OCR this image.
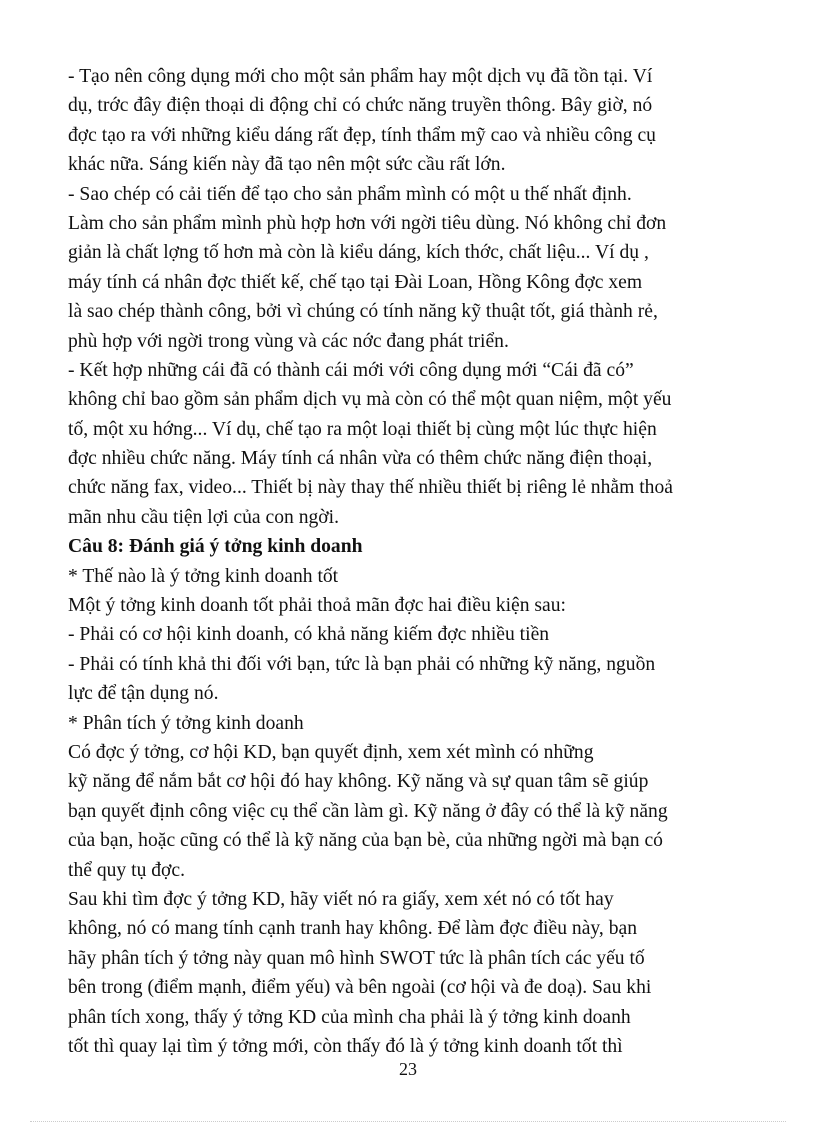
- Tạo nên công dụng mới cho một sản phẩm hay một dịch vụ đã tồn tại. Ví
dụ, trớc đây điện thoại di động chỉ có chức năng truyền thông. Bây giờ, nó
đợc tạo ra với những kiểu dáng rất đẹp, tính thẩm mỹ cao và nhiều công cụ
khác nữa. Sáng kiến này đã tạo nên một sức cầu rất lớn.
- Sao chép có cải tiến để tạo cho sản phẩm mình có một u thế nhất định.
Làm cho sản phẩm mình phù hợp hơn với ngời tiêu dùng. Nó không chỉ đơn
giản là chất lợng tố hơn mà còn là kiểu dáng, kích thớc, chất liệu... Ví dụ ,
máy tính cá nhân đợc thiết kế, chế tạo tại Đài Loan, Hồng Kông đợc xem
là sao chép thành công, bởi vì chúng có tính năng kỹ thuật tốt, giá thành rẻ,
phù hợp với ngời trong vùng và các nớc đang phát triển.
- Kết hợp những cái đã có thành cái mới với công dụng mới “Cái đã có”
không chỉ bao gồm sản phẩm dịch vụ mà còn có thể một quan niệm, một yếu
tố, một xu hớng... Ví dụ, chế tạo ra một loại thiết bị cùng một lúc thực hiện
đợc nhiều chức năng. Máy tính cá nhân vừa có thêm chức năng điện thoại,
chức năng fax, video... Thiết bị này thay thế nhiều thiết bị riêng lẻ nhằm thoả
mãn nhu cầu tiện lợi của con ngời.
Câu 8: Đánh giá ý tởng kinh doanh
* Thế nào là ý tởng kinh doanh tốt
Một ý tởng kinh doanh tốt phải thoả mãn đợc hai điều kiện sau:
- Phải có cơ hội kinh doanh, có khả năng kiếm đợc nhiều tiền
- Phải có tính khả thi đối với bạn, tức là bạn phải có những kỹ năng, nguồn
lực để tận dụng nó.
* Phân tích ý tởng kinh doanh
Có đợc ý tởng, cơ hội KD, bạn quyết định, xem xét mình có những
kỹ năng để nắm bắt cơ hội đó hay không. Kỹ năng và sự quan tâm sẽ giúp
bạn quyết định công việc cụ thể cần làm gì. Kỹ năng ở đây có thể là kỹ năng
của bạn, hoặc cũng có thể là kỹ năng của bạn bè, của những ngời mà bạn có
thể quy tụ đợc.
Sau khi tìm đợc ý tởng KD, hãy viết nó ra giấy, xem xét nó có tốt hay
không, nó có mang tính cạnh tranh hay không. Để làm đợc điều này, bạn
hãy phân tích ý tởng này quan mô hình SWOT tức là phân tích các yếu tố
bên trong (điểm mạnh, điểm yếu) và bên ngoài (cơ hội và đe doạ). Sau khi
phân tích xong, thấy ý tởng KD của mình cha phải là ý tởng kinh doanh
tốt thì quay lại tìm ý tởng mới, còn thấy đó là ý tởng kinh doanh tốt thì
23
